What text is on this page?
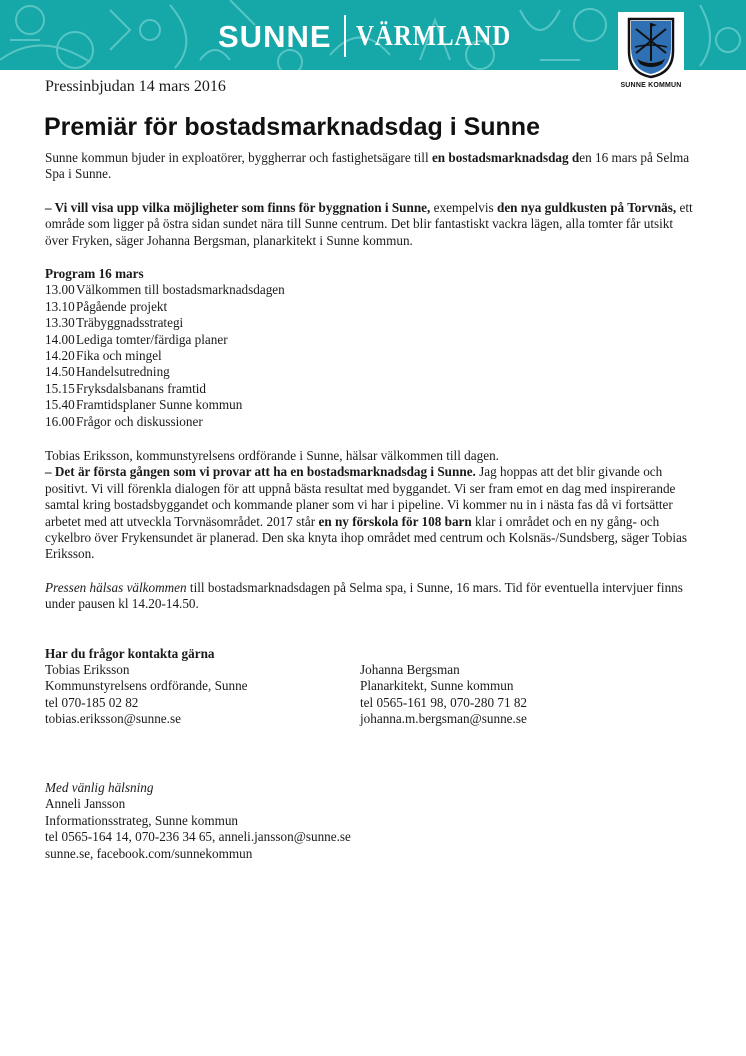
SUNNE VÄRMLAND
SUNNE KOMMUN
Pressinbjudan 14 mars 2016
Premiär för bostadsmarknadsdag i Sunne

Sunne kommun bjuder in exploatörer, byggherrar och fastighetsägare till en bostadsmarknadsdag den 16 mars på Selma Spa i Sunne.

– Vi vill visa upp vilka möjligheter som finns för byggnation i Sunne, exempelvis den nya guldkusten på Torvnäs, ett område som ligger på östra sidan sundet nära till Sunne centrum. Det blir fantastiskt vackra lägen, alla tomter får utsikt över Fryken, säger Johanna Bergsman, planarkitekt i Sunne kommun.

Program 16 mars
13.00 Välkommen till bostadsmarknadsdagen
13.10 Pågående projekt
13.30 Träbyggnadsstrategi
14.00 Lediga tomter/färdiga planer
14.20 Fika och mingel
14.50 Handelsutredning
15.15 Fryksdalsbanans framtid
15.40 Framtidsplaner Sunne kommun
16.00 Frågor och diskussioner
Tobias Eriksson, kommunstyrelsens ordförande i Sunne, hälsar välkommen till dagen.
– Det är första gången som vi provar att ha en bostadsmarknadsdag i Sunne. Jag hoppas att det blir givande och positivt. Vi vill förenkla dialogen för att uppnå bästa resultat med byggandet. Vi ser fram emot en dag med inspirerande samtal kring bostadsbyggandet och kommande planer som vi har i pipeline. Vi kommer nu in i nästa fas då vi fortsätter arbetet med att utveckla Torvnäsområdet. 2017 står en ny förskola för 108 barn klar i området och en ny gång- och cykelbro över Frykensundet är planerad. Den ska knyta ihop området med centrum och Kolsnäs-/Sundsberg, säger Tobias Eriksson.

Pressen hälsas välkommen till bostadsmarknadsdagen på Selma spa, i Sunne, 16 mars. Tid för eventuella intervjuer finns under pausen kl 14.20-14.50.

Har du frågor kontakta gärna
Tobias Eriksson
Kommunstyrelsens ordförande, Sunne
tel 070-185 02 82
tobias.eriksson@sunne.se
Johanna Bergsman
Planarkitekt, Sunne kommun
tel 0565-161 98, 070-280 71 82
johanna.m.bergsman@sunne.se
Med vänlig hälsning
Anneli Jansson
Informationsstrateg, Sunne kommun
tel 0565-164 14, 070-236 34 65, anneli.jansson@sunne.se
sunne.se, facebook.com/sunnekommun
